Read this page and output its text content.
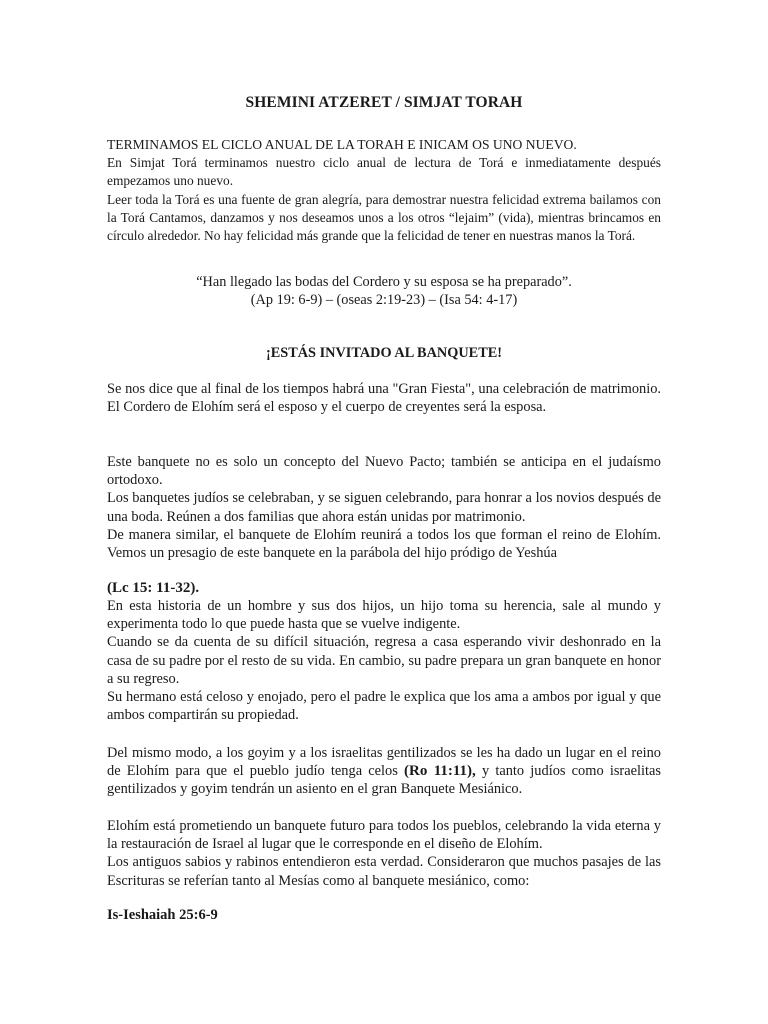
SHEMINI ATZERET / SIMJAT TORAH
TERMINAMOS EL CICLO ANUAL DE LA TORAH E INICAM OS UNO NUEVO.
En Simjat Torá terminamos nuestro ciclo anual de lectura de Torá e inmediatamente después empezamos uno nuevo.
Leer toda la Torá es una fuente de gran alegría, para demostrar nuestra felicidad extrema bailamos con la Torá Cantamos, danzamos y nos deseamos unos a los otros “lejaim” (vida), mientras brincamos en círculo alrededor. No hay felicidad más grande que la felicidad de tener en nuestras manos la Torá.
“Han llegado las bodas del Cordero y su esposa se ha preparado”.
(Ap 19: 6-9) – (oseas 2:19-23) – (Isa 54: 4-17)
¡ESTÁS INVITADO AL BANQUETE!
Se nos dice que al final de los tiempos habrá una "Gran Fiesta", una celebración de matrimonio. El Cordero de Elohím será el esposo y el cuerpo de creyentes será la esposa.
Este banquete no es solo un concepto del Nuevo Pacto; también se anticipa en el judaísmo ortodoxo.
Los banquetes judíos se celebraban, y se siguen celebrando, para honrar a los novios después de una boda. Reúnen a dos familias que ahora están unidas por matrimonio.
De manera similar, el banquete de Elohím reunirá a todos los que forman el reino de Elohím. Vemos un presagio de este banquete en la parábola del hijo pródigo de Yeshúa
(Lc 15: 11-32).
En esta historia de un hombre y sus dos hijos, un hijo toma su herencia, sale al mundo y experimenta todo lo que puede hasta que se vuelve indigente.
Cuando se da cuenta de su difícil situación, regresa a casa esperando vivir deshonrado en la casa de su padre por el resto de su vida. En cambio, su padre prepara un gran banquete en honor a su regreso.
Su hermano está celoso y enojado, pero el padre le explica que los ama a ambos por igual y que ambos compartirán su propiedad.
Del mismo modo, a los goyim y a los israelitas gentilizados se les ha dado un lugar en el reino de Elohím para que el pueblo judío tenga celos (Ro 11:11), y tanto judíos como israelitas gentilizados y goyim tendrán un asiento en el gran Banquete Mesiánico.
Elohím está prometiendo un banquete futuro para todos los pueblos, celebrando la vida eterna y la restauración de Israel al lugar que le corresponde en el diseño de Elohím.
Los antiguos sabios y rabinos entendieron esta verdad. Consideraron que muchos pasajes de las Escrituras se referían tanto al Mesías como al banquete mesiánico, como:
Is-Ieshaiah 25:6-9
